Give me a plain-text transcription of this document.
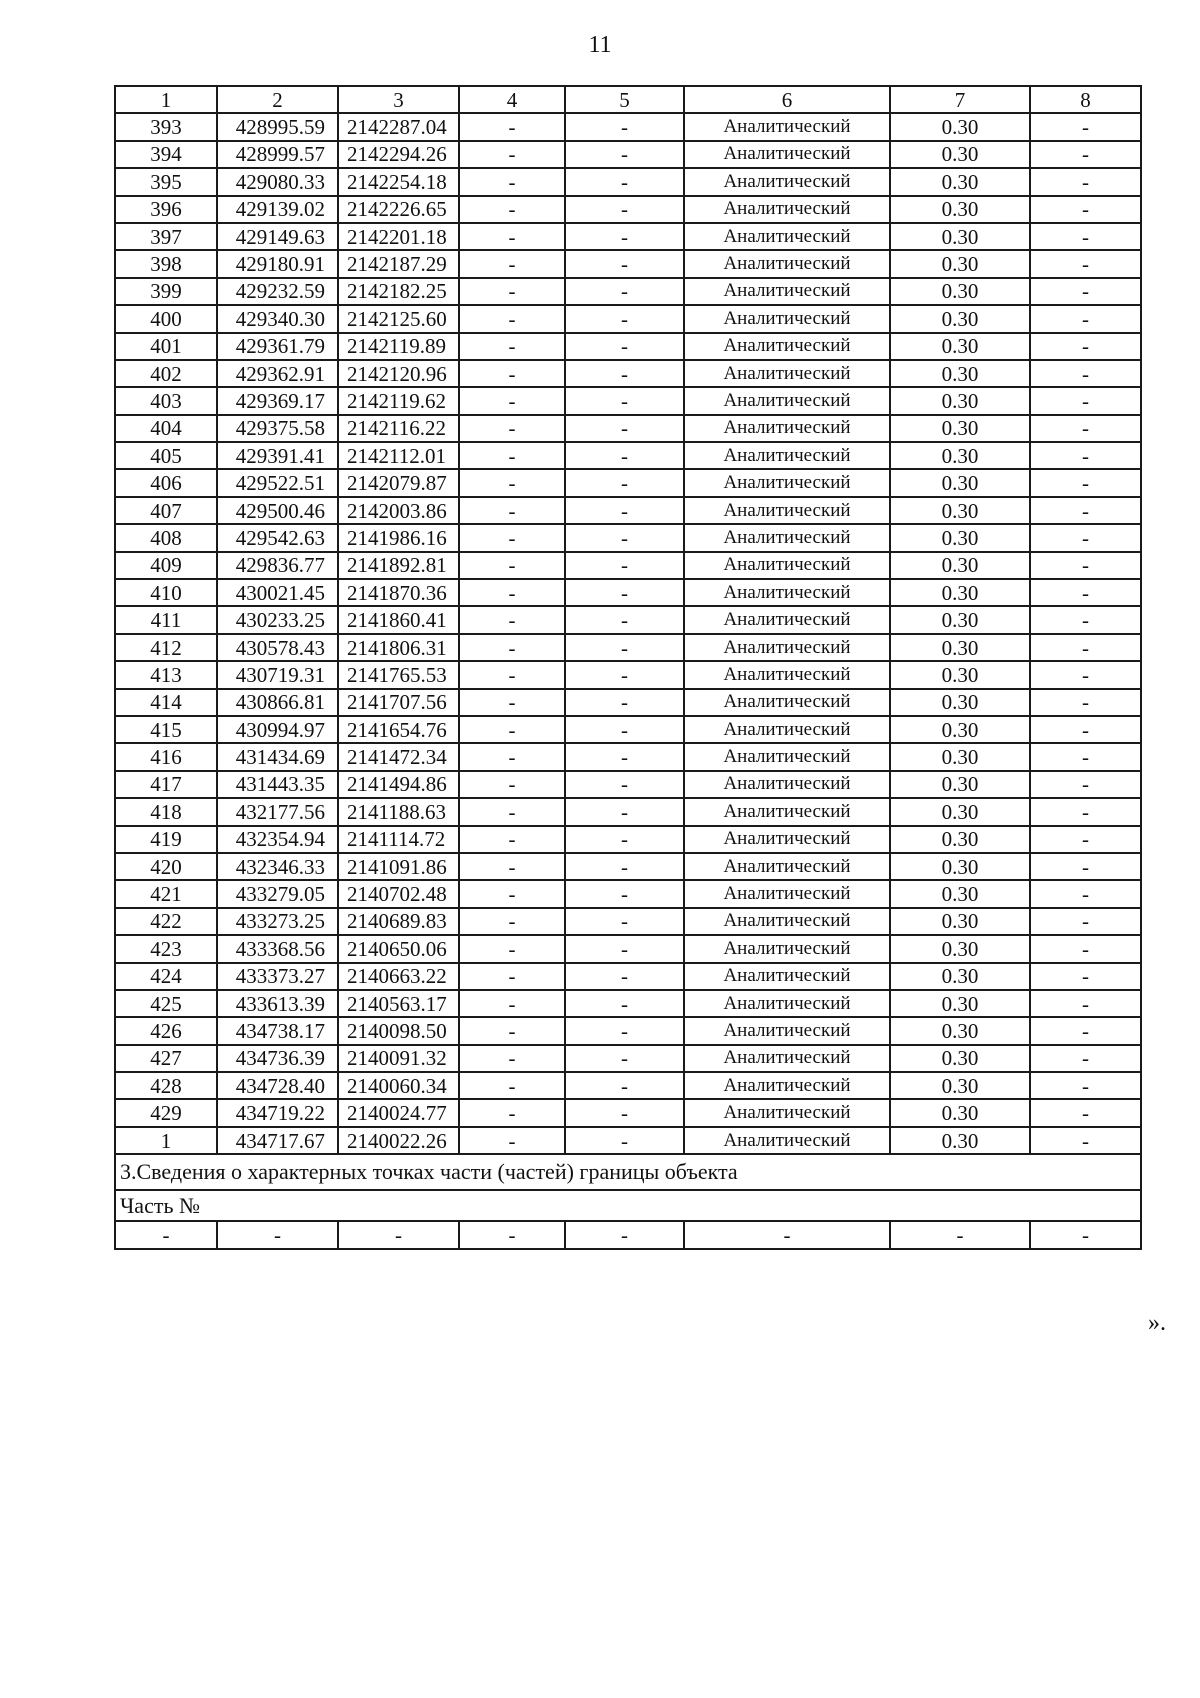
11
1	2	3	4	5	6	7	8
393	428995.59	2142287.04	-	-	Аналитический	0.30	-
394	428999.57	2142294.26	-	-	Аналитический	0.30	-
395	429080.33	2142254.18	-	-	Аналитический	0.30	-
396	429139.02	2142226.65	-	-	Аналитический	0.30	-
397	429149.63	2142201.18	-	-	Аналитический	0.30	-
398	429180.91	2142187.29	-	-	Аналитический	0.30	-
399	429232.59	2142182.25	-	-	Аналитический	0.30	-
400	429340.30	2142125.60	-	-	Аналитический	0.30	-
401	429361.79	2142119.89	-	-	Аналитический	0.30	-
402	429362.91	2142120.96	-	-	Аналитический	0.30	-
403	429369.17	2142119.62	-	-	Аналитический	0.30	-
404	429375.58	2142116.22	-	-	Аналитический	0.30	-
405	429391.41	2142112.01	-	-	Аналитический	0.30	-
406	429522.51	2142079.87	-	-	Аналитический	0.30	-
407	429500.46	2142003.86	-	-	Аналитический	0.30	-
408	429542.63	2141986.16	-	-	Аналитический	0.30	-
409	429836.77	2141892.81	-	-	Аналитический	0.30	-
410	430021.45	2141870.36	-	-	Аналитический	0.30	-
411	430233.25	2141860.41	-	-	Аналитический	0.30	-
412	430578.43	2141806.31	-	-	Аналитический	0.30	-
413	430719.31	2141765.53	-	-	Аналитический	0.30	-
414	430866.81	2141707.56	-	-	Аналитический	0.30	-
415	430994.97	2141654.76	-	-	Аналитический	0.30	-
416	431434.69	2141472.34	-	-	Аналитический	0.30	-
417	431443.35	2141494.86	-	-	Аналитический	0.30	-
418	432177.56	2141188.63	-	-	Аналитический	0.30	-
419	432354.94	2141114.72	-	-	Аналитический	0.30	-
420	432346.33	2141091.86	-	-	Аналитический	0.30	-
421	433279.05	2140702.48	-	-	Аналитический	0.30	-
422	433273.25	2140689.83	-	-	Аналитический	0.30	-
423	433368.56	2140650.06	-	-	Аналитический	0.30	-
424	433373.27	2140663.22	-	-	Аналитический	0.30	-
425	433613.39	2140563.17	-	-	Аналитический	0.30	-
426	434738.17	2140098.50	-	-	Аналитический	0.30	-
427	434736.39	2140091.32	-	-	Аналитический	0.30	-
428	434728.40	2140060.34	-	-	Аналитический	0.30	-
429	434719.22	2140024.77	-	-	Аналитический	0.30	-
1	434717.67	2140022.26	-	-	Аналитический	0.30	-
3.Сведения о характерных точках части (частей) границы объекта							
Часть №							
-	-	-	-	-	-	-	-
».
